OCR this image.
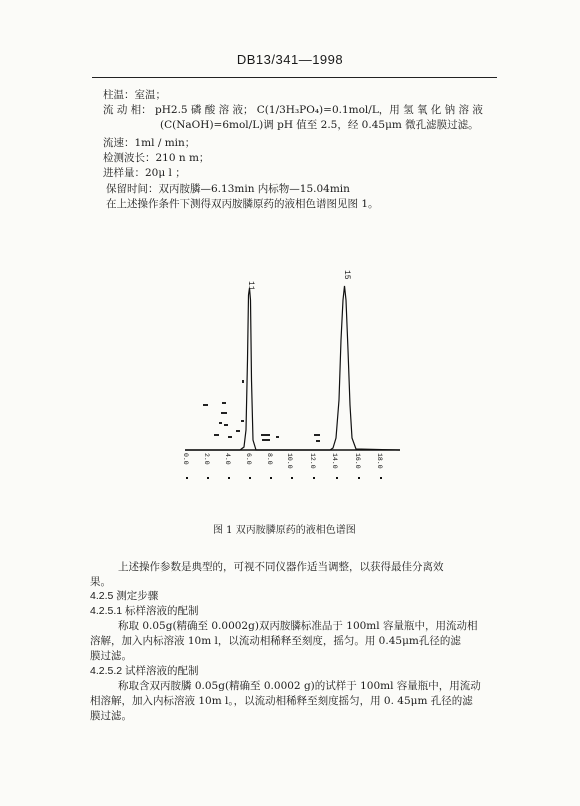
DB13/341—1998
柱温：室温；
流 动 相： pH2.5 磷 酸 溶 液； C(1/3H₃PO₄)=0.1mol/L，用 氢 氧 化 钠 溶 液
(C(NaOH)=6mol/L)调 pH 值至 2.5，经 0.45μm 微孔滤膜过滤。
流速：1ml / min；
检测波长：210 n m；
进样量：20μ l ；
保留时间：双丙胺膦—6.13min 内标物—15.04min
在上述操作条件下测得双丙胺膦原药的液相色谱图见图 1。
11
15
0.0 2.0 4.0 6.0 8.0 10.0 12.0 14.0 16.0 18.0
图 1 双丙胺膦原药的液相色谱图
上述操作参数是典型的，可视不同仪器作适当调整，以获得最佳分离效
果。
4.2.5 测定步骤
4.2.5.1 标样溶液的配制
称取 0.05g(精确至 0.0002g)双丙胺膦标准品于 100ml 容量瓶中，用流动相
溶解，加入内标溶液 10m l，以流动相稀释至刻度，摇匀。用 0.45μm孔径的滤
膜过滤。
4.2.5.2 试样溶液的配制
称取含双丙胺膦 0.05g(精确至 0.0002 g)的试样于 100ml 容量瓶中，用流动
相溶解，加入内标溶液 10m l。，以流动相稀释至刻度摇匀，用 0. 45μm 孔径的滤
膜过滤。
